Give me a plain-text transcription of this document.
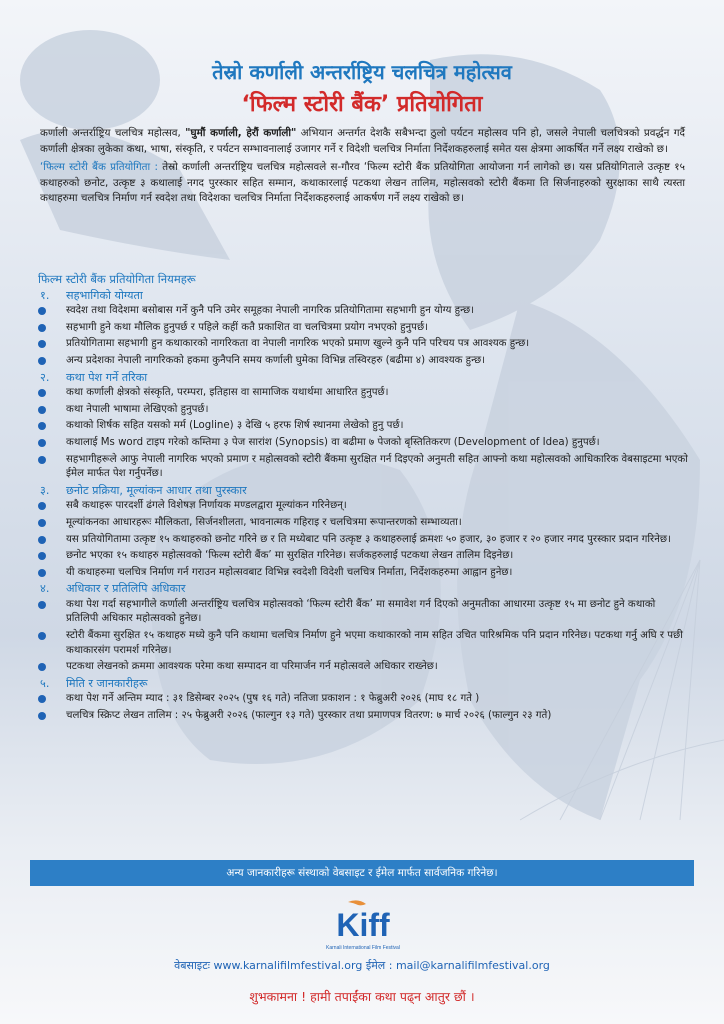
तेस्रो कर्णाली अन्तर्राष्ट्रिय चलचित्र महोत्सव
‘फिल्म स्टोरी बैंक’ प्रतियोगिता

कर्णाली अन्तर्राष्ट्रिय चलचित्र महोत्सव, "घुमौं कर्णाली, हेरौं कर्णाली" अभियान अन्तर्गत देशकै सबैभन्दा ठुलो पर्यटन महोत्सव पनि हो, जसले नेपाली चलचित्रको प्रवर्द्धन गर्दै कर्णाली क्षेत्रका लुकेका कथा, भाषा, संस्कृति, र पर्यटन सम्भावनालाई उजागर गर्ने र विदेशी चलचित्र निर्माता निर्देशकहरुलाई समेत यस क्षेत्रमा आकर्षित गर्ने लक्ष्य राखेको छ।

‘फिल्म स्टोरी बैंक प्रतियोगिता : तेस्रो कर्णाली अन्तर्राष्ट्रिय चलचित्र महोत्सवले स-गौरव ‘फिल्म स्टोरी बैंक प्रतियोगिता आयोजना गर्न लागेको छ। यस प्रतियोगिताले उत्कृष्ट १५ कथाहरुको छनोट, उत्कृष्ट ३ कथालाई नगद पुरस्कार सहित सम्मान, कथाकारलाई पटकथा लेखन तालिम, महोत्सवको स्टोरी बैंकमा ति सिर्जनाहरुको सुरक्षाका साथै त्यस्ता कथाहरुमा चलचित्र निर्माण गर्न स्वदेश तथा विदेशका चलचित्र निर्माता निर्देशकहरुलाई आकर्षण गर्ने लक्ष्य राखेको छ।

फिल्म स्टोरी बैंक प्रतियोगिता नियमहरू
१. सहभागिको योग्यता
स्वदेश तथा विदेशमा बसोबास गर्ने कुनै पनि उमेर समूहका नेपाली नागरिक प्रतियोगितामा सहभागी हुन योग्य हुन्छ।
सहभागी हुने कथा मौलिक हुनुपर्छ र पहिले कहीं कतै प्रकाशित वा चलचित्रमा प्रयोग नभएको हुनुपर्छ।
प्रतियोगितामा सहभागी हुन कथाकारको नागरिकता वा नेपाली नागरिक भएको प्रमाण खुल्ने कुनै पनि परिचय पत्र आवश्यक हुन्छ।
अन्य प्रदेशका नेपाली नागरिकको हकमा कुनैपनि समय कर्णाली घुमेका विभिन्न तस्विरहरु (बढीमा ४) आवश्यक हुन्छ।
२. कथा पेश गर्ने तरिका
कथा कर्णाली क्षेत्रको संस्कृति, परम्परा, इतिहास वा सामाजिक यथार्थमा आधारित हुनुपर्छ।
कथा नेपाली भाषामा लेखिएको हुनुपर्छ।
कथाको शिर्षक सहित यसको मर्म (Logline) ३ देखि ५ हरफ शिर्ष स्थानमा लेखेको हुनु पर्छ।
कथालाई Ms word टाइप गरेको कम्तिमा ३ पेज सारांश (Synopsis) वा बढीमा ७ पेजको बृस्तितिकरण (Development of Idea) हुनुपर्छ।
सहभागीहरूले आफु नेपाली नागरिक भएको प्रमाण र महोत्सवको स्टोरी बैंकमा सुरक्षित गर्न दिइएको अनुमती सहित आफ्नो कथा महोत्सवको आधिकारिक वेबसाइटमा भएको ईमेल मार्फत पेश गर्नुपर्नेछ।
३. छनोट प्रक्रिया, मूल्यांकन आधार तथा पुरस्कार
सबै कथाहरू पारदर्शी ढंगले विशेषज्ञ निर्णायक मण्डलद्वारा मूल्यांकन गरिनेछन्।
मूल्यांकनका आधारहरूः मौलिकता, सिर्जनशीलता, भावनात्मक गहिराइ र चलचित्रमा रूपान्तरणको सम्भाव्यता।
यस प्रतियोगितामा उत्कृष्ट १५ कथाहरुको छनोट गरिने छ र ति मध्येबाट पनि उत्कृष्ट ३ कथाहरुलाई क्रमशः ५० हजार, ३० हजार र २० हजार नगद पुरस्कार प्रदान गरिनेछ।
छनोट भएका १५ कथाहरु महोत्सवको ‘फिल्म स्टोरी बैंक’ मा सुरक्षित गरिनेछ। सर्जकहरुलाई पटकथा लेखन तालिम दिइनेछ।
यी कथाहरुमा चलचित्र निर्माण गर्न गराउन महोत्सवबाट विभिन्न स्वदेशी विदेशी चलचित्र निर्माता, निर्देशकहरुमा आह्वान हुनेछ।
४. अधिकार र प्रतिलिपि अधिकार
कथा पेश गर्दा सहभागीले कर्णाली अन्तर्राष्ट्रिय चलचित्र महोत्सवको ‘फिल्म स्टोरी बैंक’ मा समावेश गर्न दिएको अनुमतीका आधारमा उत्कृष्ट १५ मा छनोट हुने कथाको प्रतिलिपी अधिकार महोत्सवको हुनेछ।
स्टोरी बैंकमा सुरक्षित १५ कथाहरु मध्ये कुनै पनि कथामा चलचित्र निर्माण हुने भएमा कथाकारको नाम सहित उचित पारिश्रमिक पनि प्रदान गरिनेछ। पटकथा गर्नु अघि र पछी कथाकारसंग परामर्श गरिनेछ।
पटकथा लेखनको क्रममा आवश्यक परेमा कथा सम्पादन वा परिमार्जन गर्न महोत्सवले अधिकार राख्नेछ।
५. मिति र जानकारीहरू
कथा पेश गर्ने अन्तिम म्याद : ३१ डिसेम्बर २०२५ (पुष १६ गते) नतिजा प्रकाशन : १ फेब्रुअरी २०२६ (माघ १८ गते )
चलचित्र स्क्रिप्ट लेखन तालिम : २५ फेब्रुअरी २०२६ (फाल्गुन १३ गते) पुरस्कार तथा प्रमाणपत्र वितरण: ७ मार्च २०२६ (फाल्गुन २३ गते)
अन्य जानकारीहरू संस्थाको वेबसाइट र ईमेल मार्फत सार्वजनिक गरिनेछ।
Kiff
Karnali International Film Festival
वेबसाइटः www.karnalifilmfestival.org ईमेल : mail@karnalifilmfestival.org
शुभकामना ! हामी तपाईंका कथा पढ्न आतुर छौं ।
